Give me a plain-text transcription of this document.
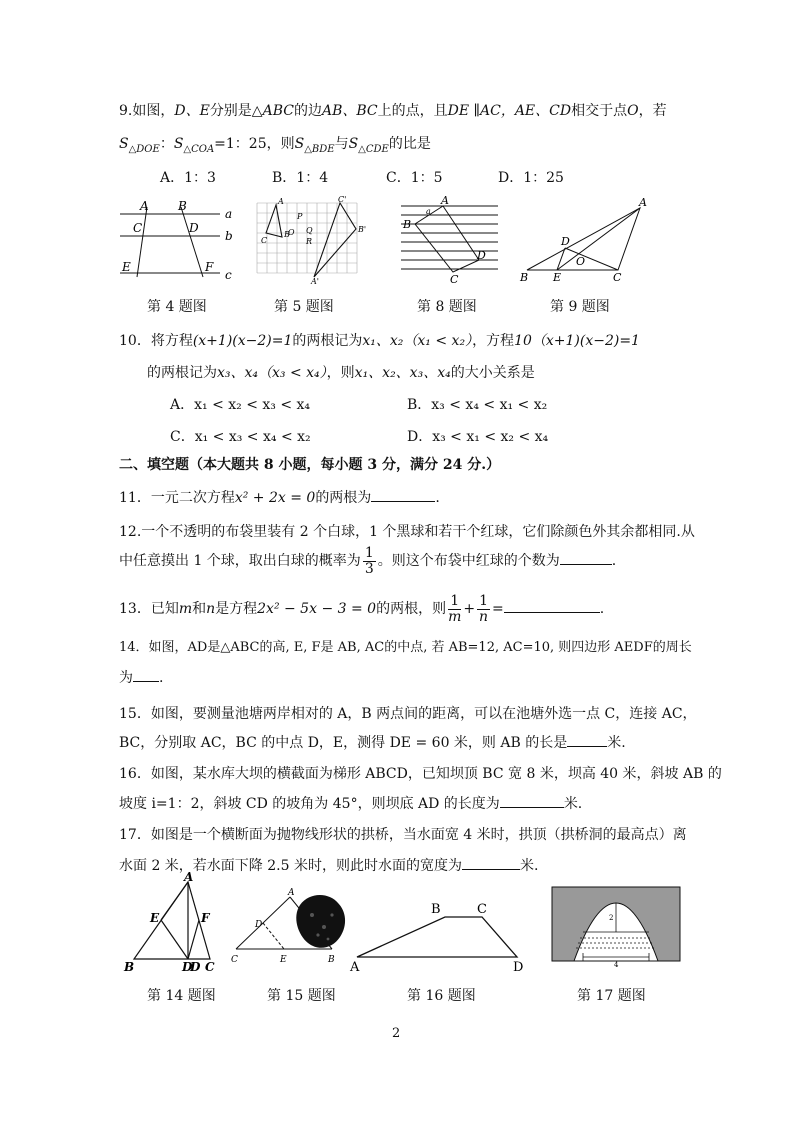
9.如图，D、E分别是△ABC的边AB、BC上的点，且DE ∥AC，AE、CD相交于点O，若
$S_{\triangle DOE}$：$S_{\triangle COA}=1$：25，则$S_{\triangle BDE}$与$S_{\triangle CDE}$的比是
A．1：3	B．1：4	C．1：5	D．1：25
A B
a
C	D
b
E	F
c
A
B
C
P
O Q
R
C'
B'
A'
A
a
B
D
C
A
D
O
B E	C
第 4 题图	第 5 题图	第 8 题图	第 9 题图
10．将方程(x+1)(x−2)=1的两根记为x₁、x₂（x₁ < x₂），方程10（x+1)(x−2)=1
的两根记为x₃、x₄（x₃ < x₄），则x₁、x₂、x₃、x₄的大小关系是
A．x₁ < x₂ < x₃ < x₄	B．x₃ < x₄ < x₁ < x₂
C．x₁ < x₃ < x₄ < x₂	D．x₃ < x₁ < x₂ < x₄
二、填空题（本大题共 8 小题，每小题 3 分，满分 24 分.）
11．一元二次方程x² + 2x = 0的两根为	.
12.一个不透明的布袋里装有 2 个白球，1 个黑球和若干个红球，它们除颜色外其余都相同.从
中任意摸出 1 个球，取出白球的概率为 $\frac{1}{3}$ 。则这个布袋中红球的个数为	.
13．已知m和n是方程2x² − 5x − 3 = 0的两根，则 $\frac{1}{m} + \frac{1}{n}$ =	.
14．如图，AD是△ABC的高, E, F是 AB, AC的中点, 若 AB=12, AC=10, 则四边形 AEDF的周长
为 .
15．如图，要测量池塘两岸相对的 A，B 两点间的距离，可以在池塘外选一点 C，连接 AC，
BC，分别取 AC，BC 的中点 D，E，测得 DE = 60 米，则 AB 的长是	米.
16．如图，某水库大坝的横截面为梯形 ABCD，已知坝顶 BC 宽 8 米，坝高 40 米，斜坡 AB 的
坡度 i=1：2，斜坡 CD 的坡角为 45°，则坝底 AD 的长度为	米.
17．如图是一个横断面为抛物线形状的拱桥，当水面宽 4 米时，拱顶（拱桥洞的最高点）离
水面 2 米，若水面下降 2.5 米时，则此时水面的宽度为	米.
A
E	F
B	D
D C
A
D
C	E	B
B	C
A	D
2
4
第 14 题图	第 15 题图	第 16 题图	第 17 题图
2
